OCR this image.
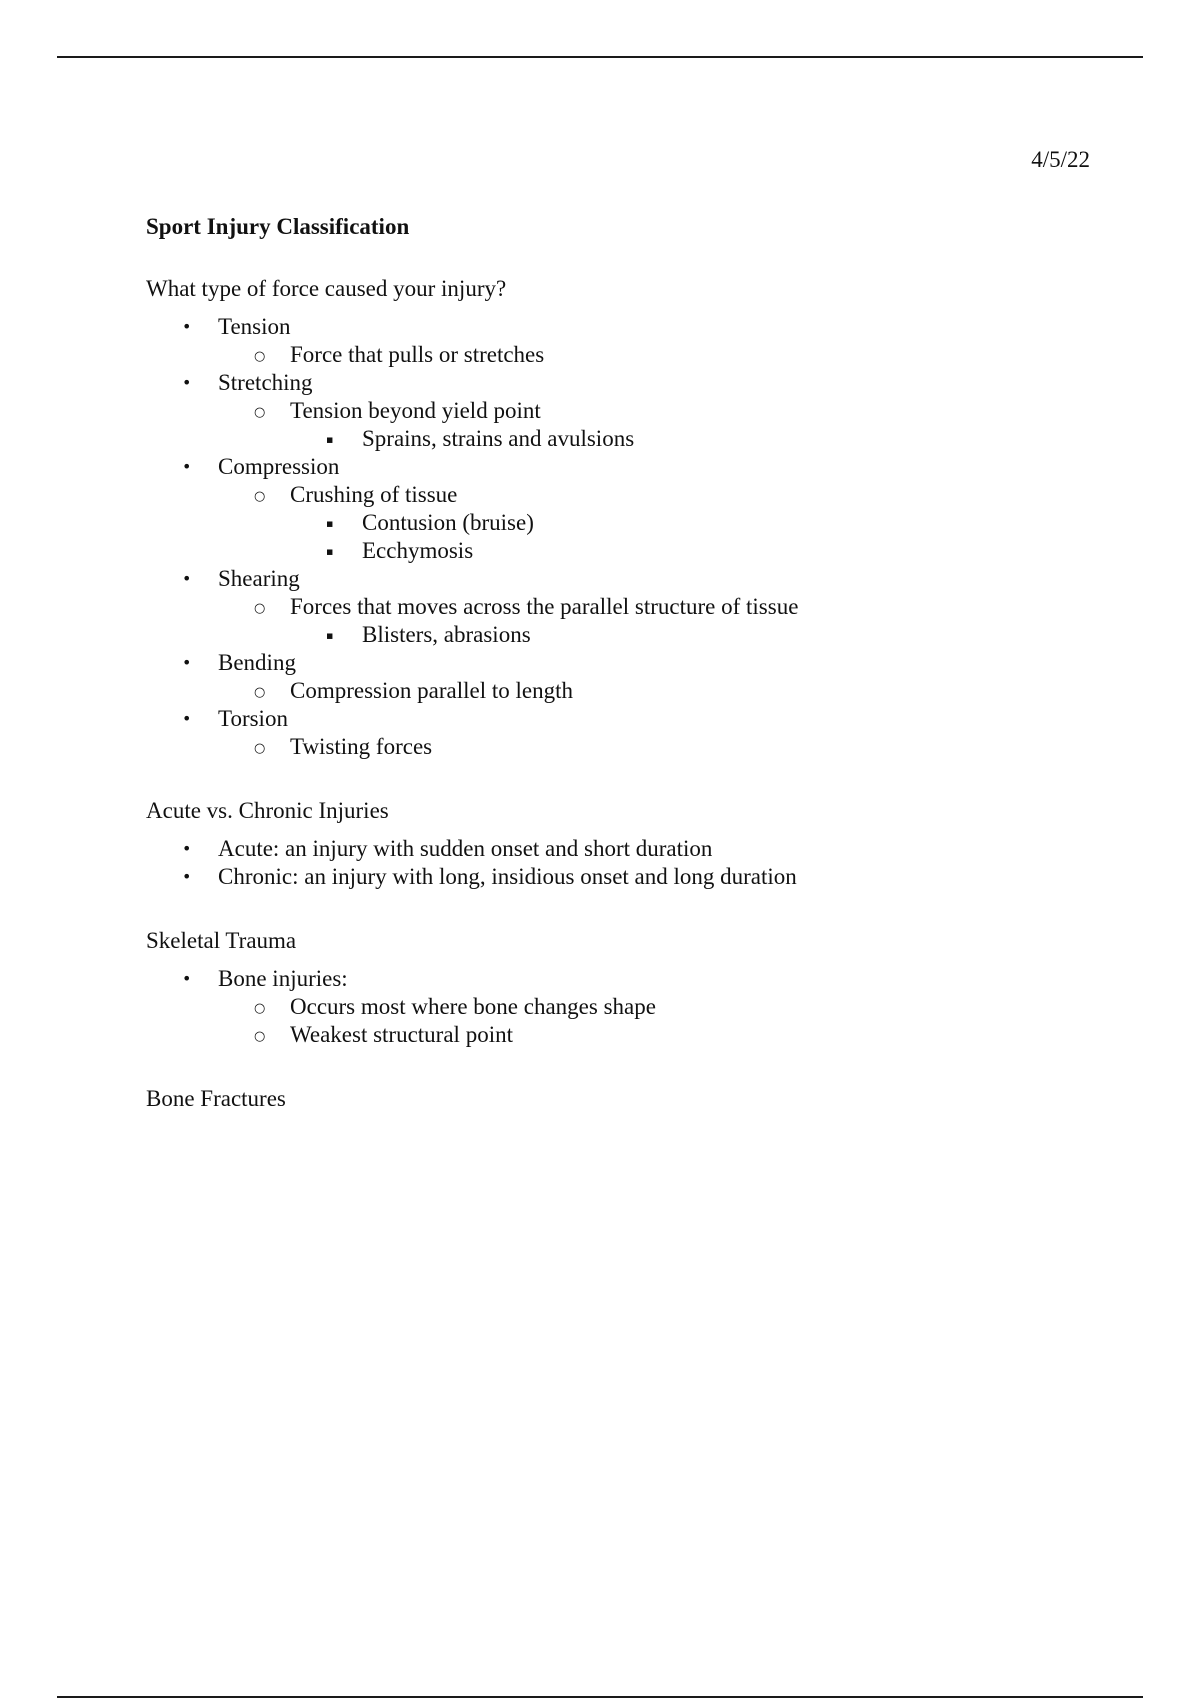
4/5/22
Sport Injury Classification
What type of force caused your injury?
•	Tension
○	Force that pulls or stretches
•	Stretching
○	Tension beyond yield point
▪	Sprains, strains and avulsions
•	Compression
○	Crushing of tissue
▪	Contusion (bruise)
▪	Ecchymosis
•	Shearing
○	Forces that moves across the parallel structure of tissue
▪	Blisters, abrasions
•	Bending
○	Compression parallel to length
•	Torsion
○	Twisting forces
Acute vs. Chronic Injuries
•	Acute: an injury with sudden onset and short duration
•	Chronic: an injury with long, insidious onset and long duration
Skeletal Trauma
•	Bone injuries:
○	Occurs most where bone changes shape
○	Weakest structural point
Bone Fractures
